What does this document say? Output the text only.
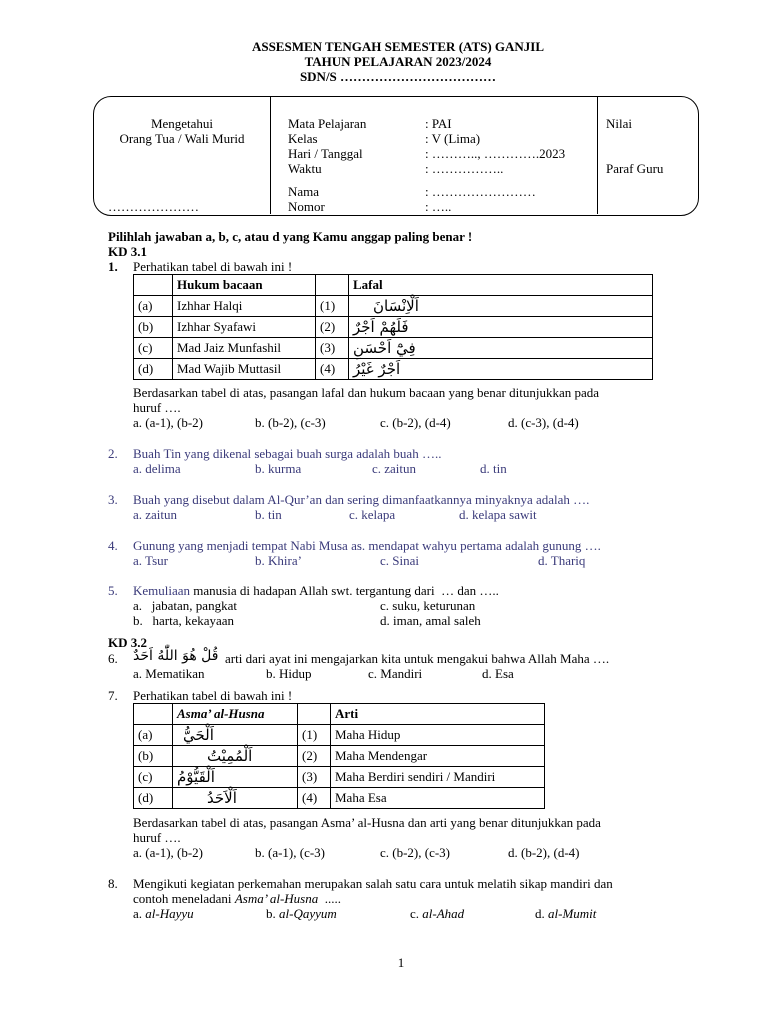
ASSESMEN TENGAH SEMESTER (ATS) GANJIL
TAHUN PELAJARAN 2023/2024
SDN/S ………………………………
Mengetahui
Orang Tua / Wali Murid
…………………
Mata Pelajaran	: PAI
Kelas	: V (Lima)
Hari / Tanggal	: ……….., ………….2023
Waktu	: ……………..
Nama	: ……………………
Nomor	: …..
Nilai
Paraf Guru
Pilihlah jawaban a, b, c, atau d yang Kamu anggap paling benar !
KD 3.1
1. Perhatikan tabel di bawah ini !
	Hukum bacaan		Lafal
(a)	Izhhar Halqi	(1)	اَلْاِنْسَانَ
(b)	Izhhar Syafawi	(2)	فَلَهُمْ اَجْرٌ
(c)	Mad Jaiz Munfashil	(3)	فِيْٓ اَحْسَنِ
(d)	Mad Wajib Muttasil	(4)	اَجْرٌ غَيْرُ
Berdasarkan tabel di atas, pasangan lafal dan hukum bacaan yang benar ditunjukkan pada
huruf ….
a. (a-1), (b-2)	b. (b-2), (c-3)	c. (b-2), (d-4)	d. (c-3), (d-4)
2. Buah Tin yang dikenal sebagai buah surga adalah buah …..
a. delima	b. kurma	c. zaitun	d. tin
3. Buah yang disebut dalam Al-Qur’an dan sering dimanfaatkannya minyaknya adalah ….
a. zaitun	b. tin	c. kelapa	d. kelapa sawit
4. Gunung yang menjadi tempat Nabi Musa as. mendapat wahyu pertama adalah gunung ….
a. Tsur	b. Khira’	c. Sinai	d. Thariq
5. Kemuliaan manusia di hadapan Allah swt. tergantung dari  … dan …..
a.   jabatan, pangkat
b.   harta, kekayaan
c. suku, keturunan
d. iman, amal saleh
KD 3.2
6. قُلْ هُوَ اللّٰهُ اَحَدٌ arti dari ayat ini mengajarkan kita untuk mengakui bahwa Allah Maha ….
a. Mematikan	b. Hidup	c. Mandiri	d. Esa
7. Perhatikan tabel di bawah ini !
	Asma’ al-Husna		Arti
(a)	اَلْحَيُّ	(1)	Maha Hidup
(b)	اَلْمُمِيْتُ	(2)	Maha Mendengar
(c)	اَلْقَيُّوْمُ	(3)	Maha Berdiri sendiri / Mandiri
(d)	اَلْاَحَدُ	(4)	Maha Esa
Berdasarkan tabel di atas, pasangan Asma’ al-Husna dan arti yang benar ditunjukkan pada
huruf ….
a. (a-1), (b-2)	b. (a-1), (c-3)	c. (b-2), (c-3)	d. (b-2), (d-4)
8. Mengikuti kegiatan perkemahan merupakan salah satu cara untuk melatih sikap mandiri dan
contoh meneladani Asma’ al-Husna  .....
a. al-Hayyu	b. al-Qayyum	c. al-Ahad	d. al-Mumit
1
